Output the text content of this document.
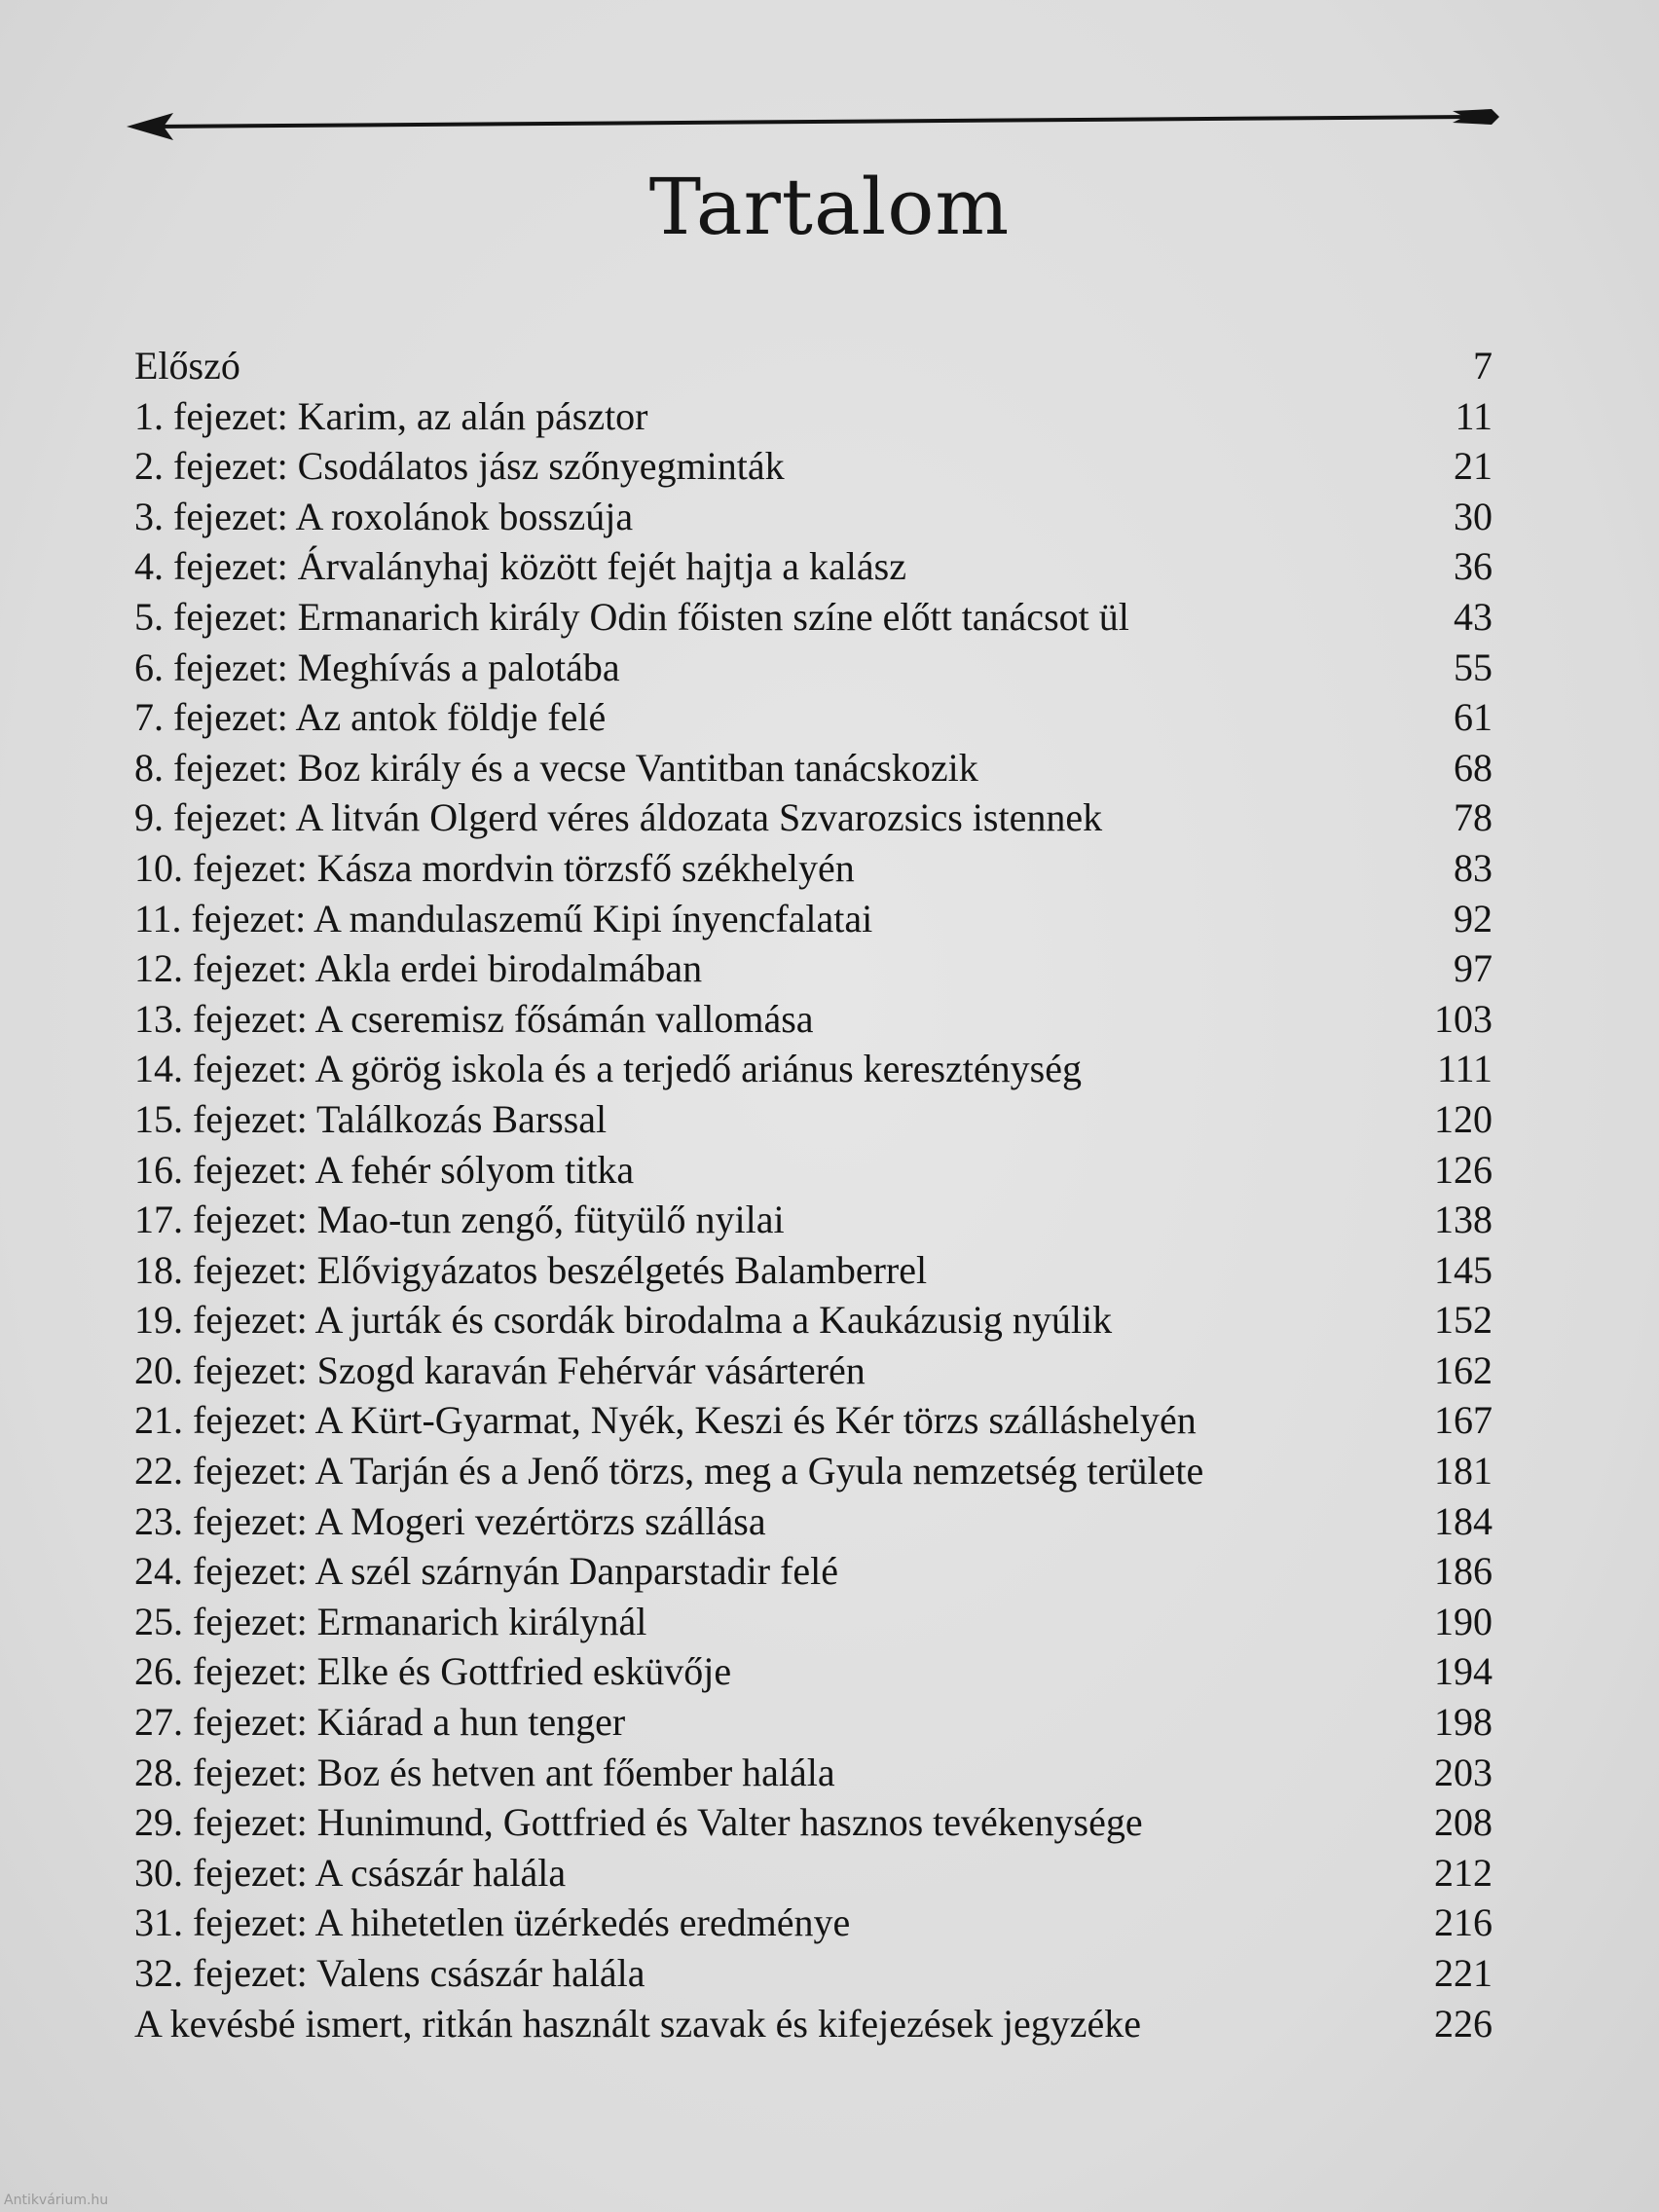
Tartalom
Előszó	7
1. fejezet: Karim, az alán pásztor	11
2. fejezet: Csodálatos jász szőnyegminták	21
3. fejezet: A roxolánok bosszúja	30
4. fejezet: Árvalányhaj között fejét hajtja a kalász	36
5. fejezet: Ermanarich király Odin főisten színe előtt tanácsot ül	43
6. fejezet: Meghívás a palotába	55
7. fejezet: Az antok földje felé	61
8. fejezet: Boz király és a vecse Vantitban tanácskozik	68
9. fejezet: A litván Olgerd véres áldozata Szvarozsics istennek	78
10. fejezet: Kásza mordvin törzsfő székhelyén	83
11. fejezet: A mandulaszemű Kipi ínyencfalatai	92
12. fejezet: Akla erdei birodalmában	97
13. fejezet: A cseremisz fősámán vallomása	103
14. fejezet: A görög iskola és a terjedő ariánus kereszténység	111
15. fejezet: Találkozás Barssal	120
16. fejezet: A fehér sólyom titka	126
17. fejezet: Mao-tun zengő, fütyülő nyilai	138
18. fejezet: Elővigyázatos beszélgetés Balamberrel	145
19. fejezet: A jurták és csordák birodalma a Kaukázusig nyúlik	152
20. fejezet: Szogd karaván Fehérvár vásárterén	162
21. fejezet: A Kürt-Gyarmat, Nyék, Keszi és Kér törzs szálláshelyén	167
22. fejezet: A Tarján és a Jenő törzs, meg a Gyula nemzetség területe	181
23. fejezet: A Mogeri vezértörzs szállása	184
24. fejezet: A szél szárnyán Danparstadir felé	186
25. fejezet: Ermanarich királynál	190
26. fejezet: Elke és Gottfried esküvője	194
27. fejezet: Kiárad a hun tenger	198
28. fejezet: Boz és hetven ant főember halála	203
29. fejezet: Hunimund, Gottfried és Valter hasznos tevékenysége	208
30. fejezet: A császár halála	212
31. fejezet: A hihetetlen üzérkedés eredménye	216
32. fejezet: Valens császár halála	221
A kevésbé ismert, ritkán használt szavak és kifejezések jegyzéke	226
Antikvárium.hu
